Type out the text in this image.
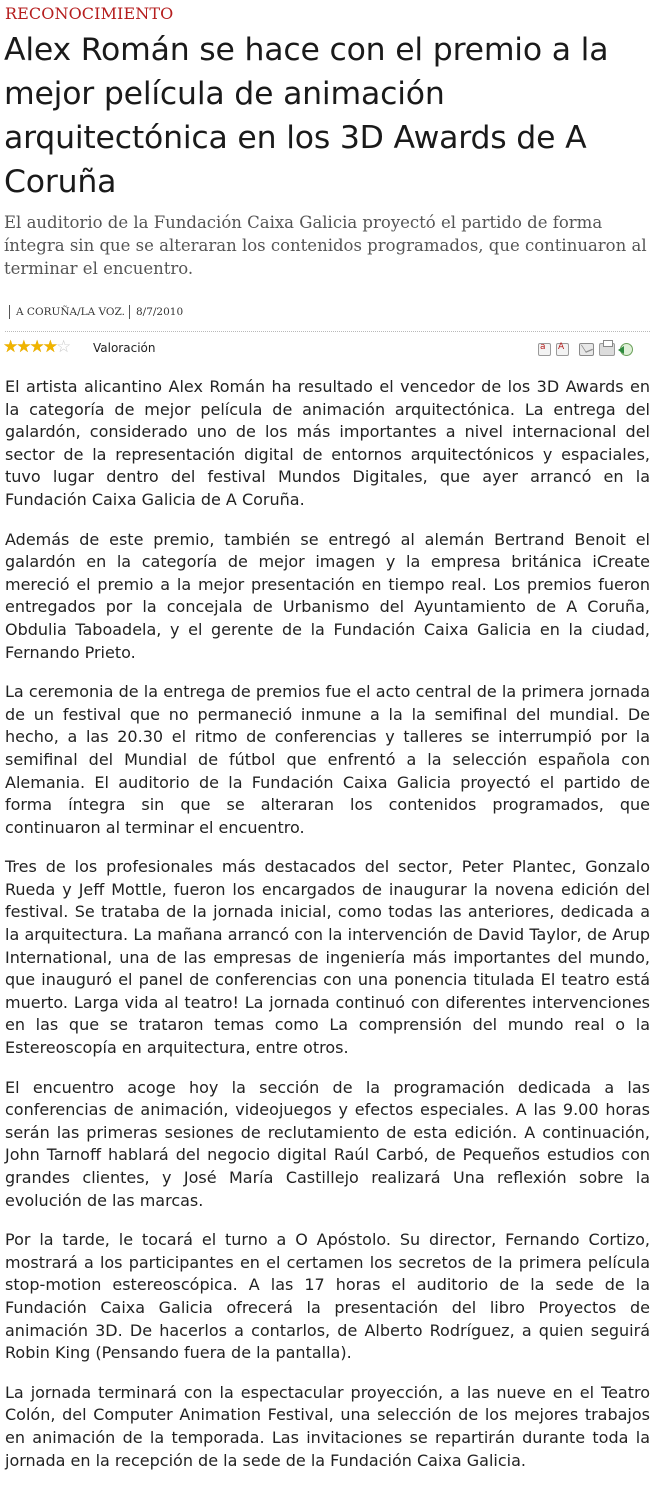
RECONOCIMIENTO
Alex Román se hace con el premio a la mejor película de animación arquitectónica en los 3D Awards de A Coruña

El auditorio de la Fundación Caixa Galicia proyectó el partido de forma íntegra sin que se alteraran los contenidos programados, que continuaron al terminar el encuentro.

A CORUÑA/LA VOZ. 8/7/2010
★★★★☆ Valoración
aA

El artista alicantino Alex Román ha resultado el vencedor de los 3D Awards en la categoría de mejor película de animación arquitectónica. La entrega del galardón, considerado uno de los más importantes a nivel internacional del sector de la representación digital de entornos arquitectónicos y espaciales, tuvo lugar dentro del festival Mundos Digitales, que ayer arrancó en la Fundación Caixa Galicia de A Coruña.

Además de este premio, también se entregó al alemán Bertrand Benoit el galardón en la categoría de mejor imagen y la empresa británica iCreate mereció el premio a la mejor presentación en tiempo real. Los premios fueron entregados por la concejala de Urbanismo del Ayuntamiento de A Coruña, Obdulia Taboadela, y el gerente de la Fundación Caixa Galicia en la ciudad, Fernando Prieto.

La ceremonia de la entrega de premios fue el acto central de la primera jornada de un festival que no permaneció inmune a la la semifinal del mundial. De hecho, a las 20.30 el ritmo de conferencias y talleres se interrumpió por la semifinal del Mundial de fútbol que enfrentó a la selección española con Alemania. El auditorio de la Fundación Caixa Galicia proyectó el partido de forma íntegra sin que se alteraran los contenidos programados, que continuaron al terminar el encuentro.

Tres de los profesionales más destacados del sector, Peter Plantec, Gonzalo Rueda y Jeff Mottle, fueron los encargados de inaugurar la novena edición del festival. Se trataba de la jornada inicial, como todas las anteriores, dedicada a la arquitectura. La mañana arrancó con la intervención de David Taylor, de Arup International, una de las empresas de ingeniería más importantes del mundo, que inauguró el panel de conferencias con una ponencia titulada El teatro está muerto. Larga vida al teatro! La jornada continuó con diferentes intervenciones en las que se trataron temas como La comprensión del mundo real o la Estereoscopía en arquitectura, entre otros.

El encuentro acoge hoy la sección de la programación dedicada a las conferencias de animación, videojuegos y efectos especiales. A las 9.00 horas serán las primeras sesiones de reclutamiento de esta edición. A continuación, John Tarnoff hablará del negocio digital Raúl Carbó, de Pequeños estudios con grandes clientes, y José María Castillejo realizará Una reflexión sobre la evolución de las marcas.

Por la tarde, le tocará el turno a O Apóstolo. Su director, Fernando Cortizo, mostrará a los participantes en el certamen los secretos de la primera película stop-motion estereoscópica. A las 17 horas el auditorio de la sede de la Fundación Caixa Galicia ofrecerá la presentación del libro Proyectos de animación 3D. De hacerlos a contarlos, de Alberto Rodríguez, a quien seguirá Robin King (Pensando fuera de la pantalla).

La jornada terminará con la espectacular proyección, a las nueve en el Teatro Colón, del Computer Animation Festival, una selección de los mejores trabajos en animación de la temporada. Las invitaciones se repartirán durante toda la jornada en la recepción de la sede de la Fundación Caixa Galicia.
